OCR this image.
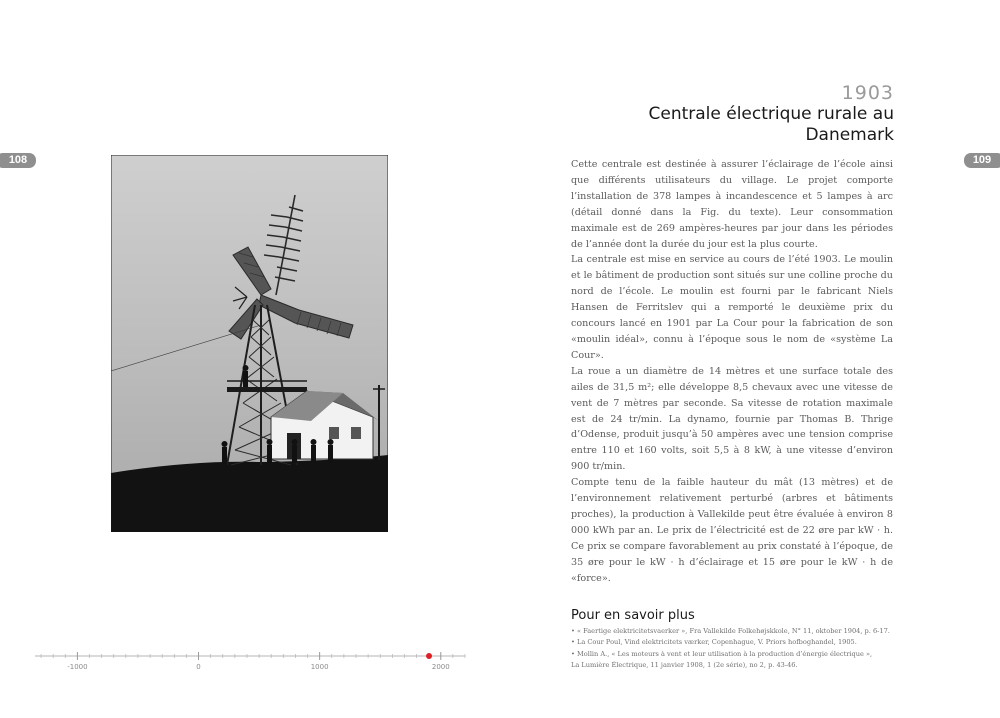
108	109
1903
Centrale électrique rurale au Danemark

Cette centrale est destinée à assurer l’éclairage de l’école ainsi que différents utilisateurs du village. Le projet comporte l’installation de 378 lampes à incandescence et 5 lampes à arc (détail donné dans la Fig. du texte). Leur consommation maximale est de 269 ampères-heures par jour dans les périodes de l’année dont la durée du jour est la plus courte.

La centrale est mise en service au cours de l’été 1903. Le moulin et le bâtiment de production sont situés sur une colline proche du nord de l’école. Le moulin est fourni par le fabricant Niels Hansen de Ferritslev qui a remporté le deuxième prix du concours lancé en 1901 par La Cour pour la fabrication de son «moulin idéal», connu à l’époque sous le nom de «système La Cour».

La roue a un diamètre de 14 mètres et une surface totale des ailes de 31,5 m²; elle développe 8,5 chevaux avec une vitesse de vent de 7 mètres par seconde. Sa vitesse de rotation maximale est de 24 tr/min. La dynamo, fournie par Thomas B. Thrige d’Odense, produit jusqu’à 50 ampères avec une tension comprise entre 110 et 160 volts, soit 5,5 à 8 kW, à une vitesse d’environ 900 tr/min.

Compte tenu de la faible hauteur du mât (13 mètres) et de l’environnement relativement perturbé (arbres et bâtiments proches), la production à Vallekilde peut être évaluée à environ 8 000 kWh par an. Le prix de l’électricité est de 22 øre par kW · h. Ce prix se compare favorablement au prix constaté à l’époque, de 35 øre pour le kW · h d’éclairage et 15 øre pour le kW · h de «force».

Pour en savoir plus
• « Faertige elektricitetsvaerker », Fra Vallekilde Folkehøjskkole, N° 11, oktober 1904, p. 6-17.
• La Cour Poul, Vind elektricitets værker, Copenhague, V. Priors hofboghandel, 1905.
• Mollin A., « Les moteurs à vent et leur utilisation à la production d’énergie électrique »,
La Lumière Électrique, 11 janvier 1908, 1 (2e série), no 2, p. 43-46.
-1000	0	1000	2000
